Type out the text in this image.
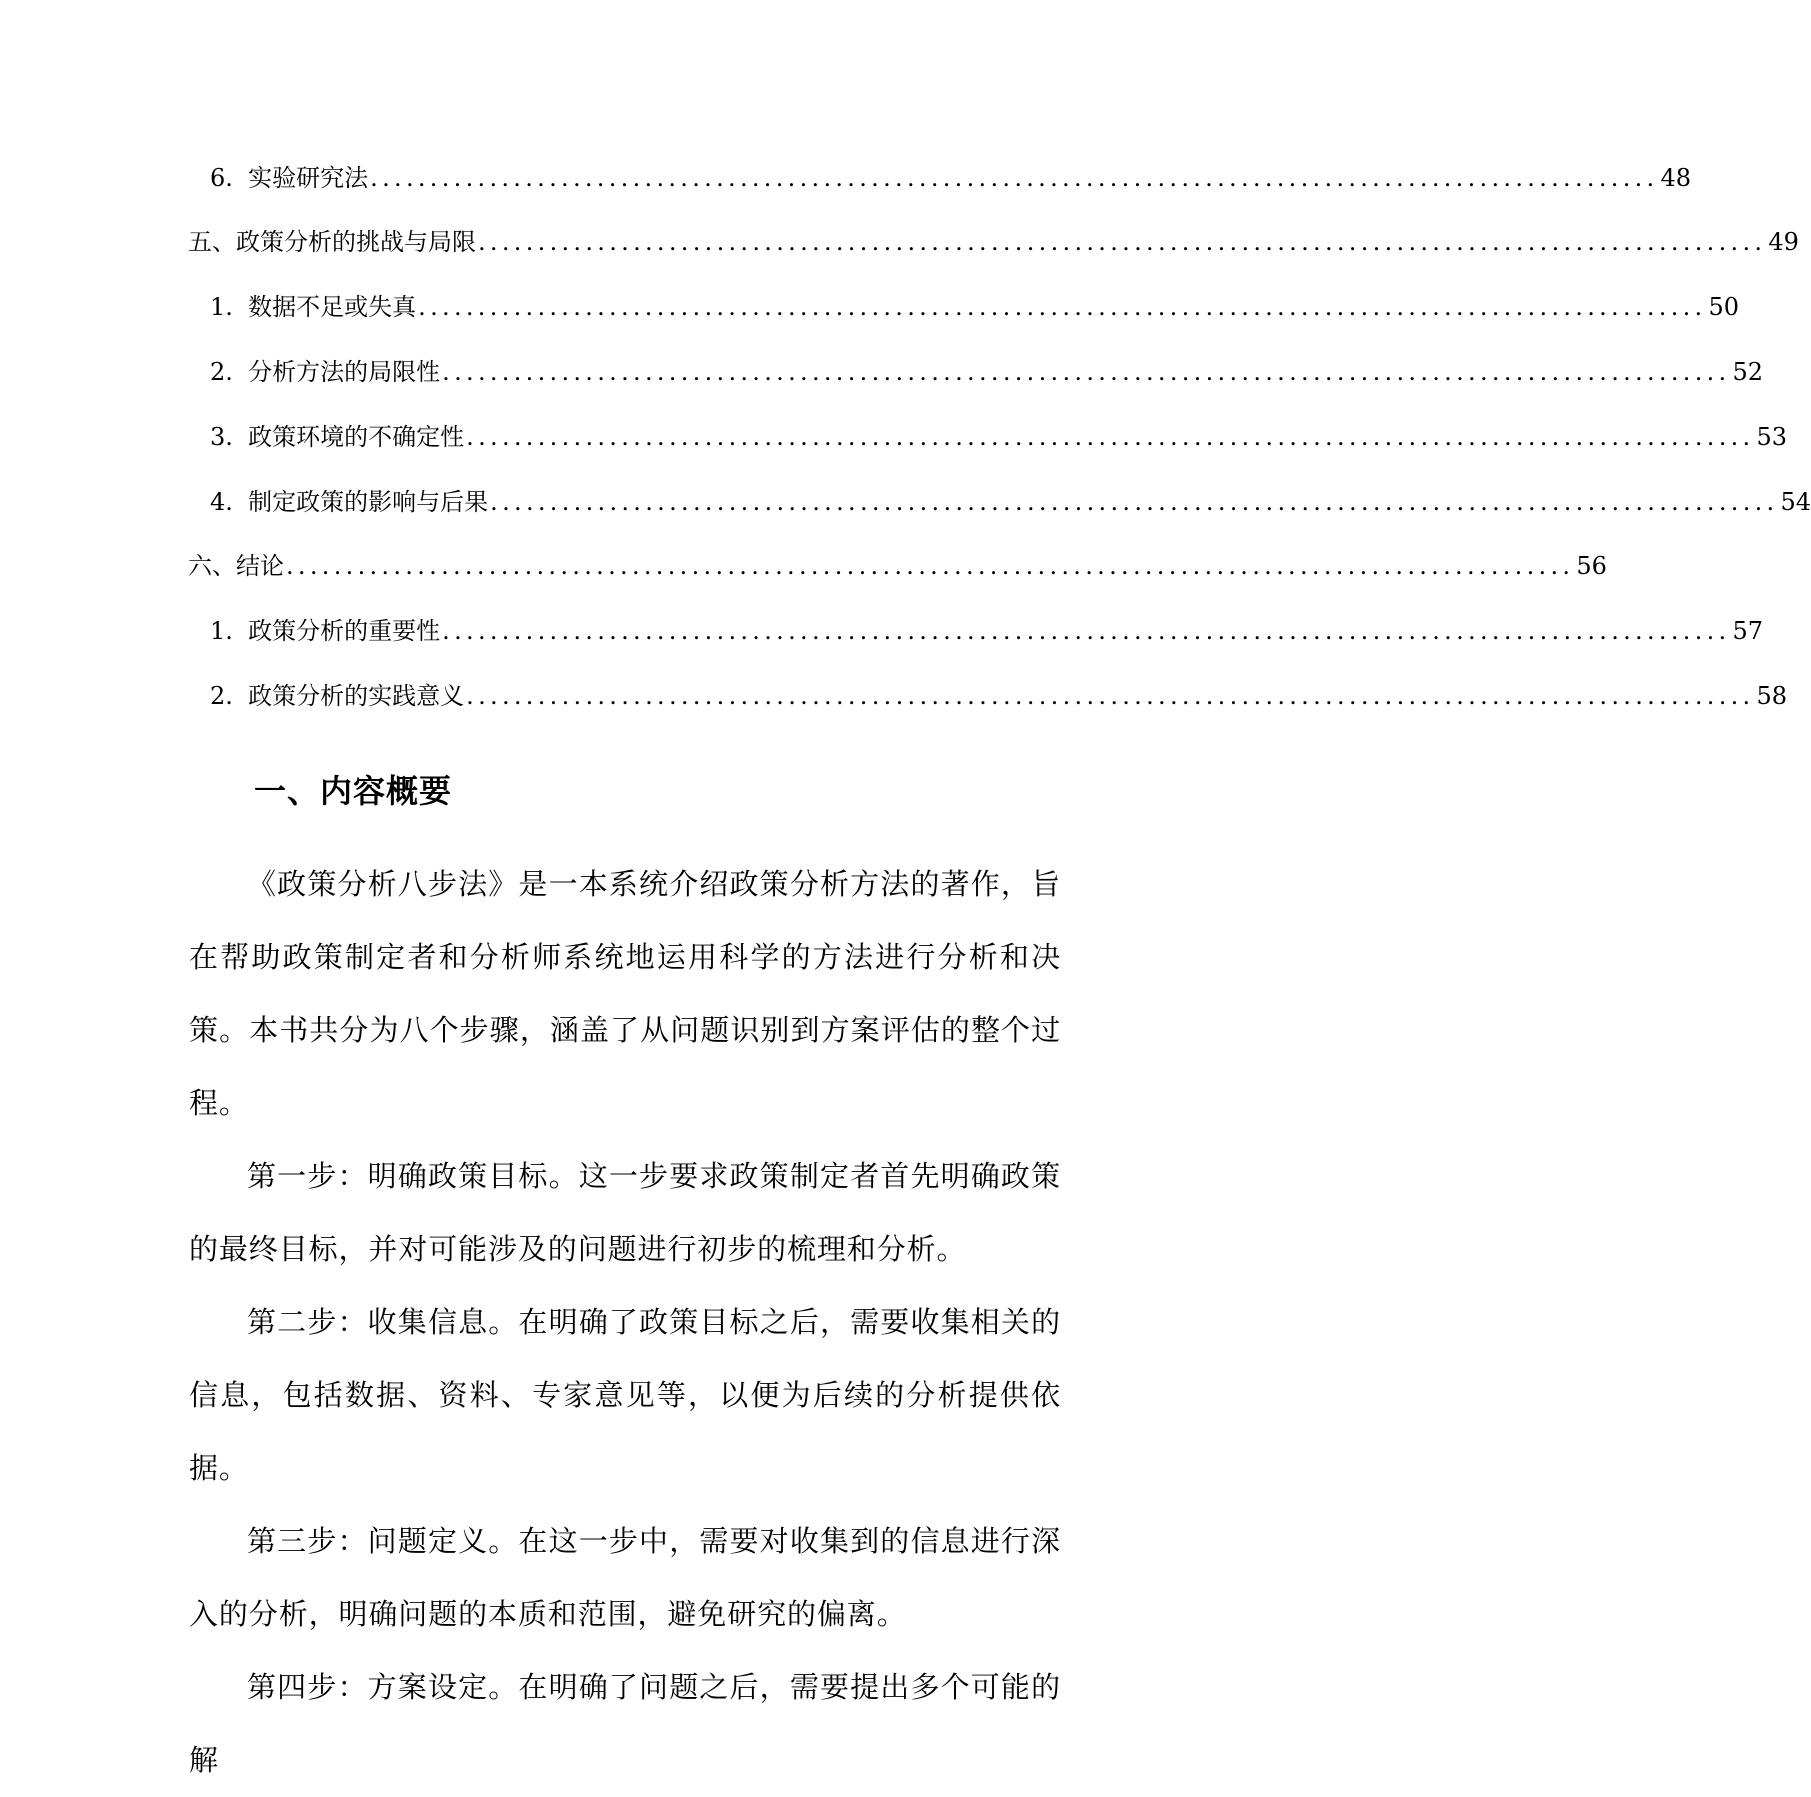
6. 实验研究法 ............................................................................................................ 48
五、政策分析的挑战与局限 ............................................................................................................ 49
1. 数据不足或失真 ............................................................................................................ 50
2. 分析方法的局限性 ............................................................................................................ 52
3. 政策环境的不确定性 ............................................................................................................ 53
4. 制定政策的影响与后果 ............................................................................................................ 54
六、结论 ............................................................................................................ 56
1. 政策分析的重要性 ............................................................................................................ 57
2. 政策分析的实践意义 ............................................................................................................ 58
一、内容概要

《政策分析八步法》是一本系统介绍政策分析方法的著作，旨在帮助政策制定者和分析师系统地运用科学的方法进行分析和决策。本书共分为八个步骤，涵盖了从问题识别到方案评估的整个过程。

第一步：明确政策目标。这一步要求政策制定者首先明确政策的最终目标，并对可能涉及的问题进行初步的梳理和分析。

第二步：收集信息。在明确了政策目标之后，需要收集相关的信息，包括数据、资料、专家意见等，以便为后续的分析提供依据。

第三步：问题定义。在这一步中，需要对收集到的信息进行深入的分析，明确问题的本质和范围，避免研究的偏离。

第四步：方案设定。在明确了问题之后，需要提出多个可能的解
